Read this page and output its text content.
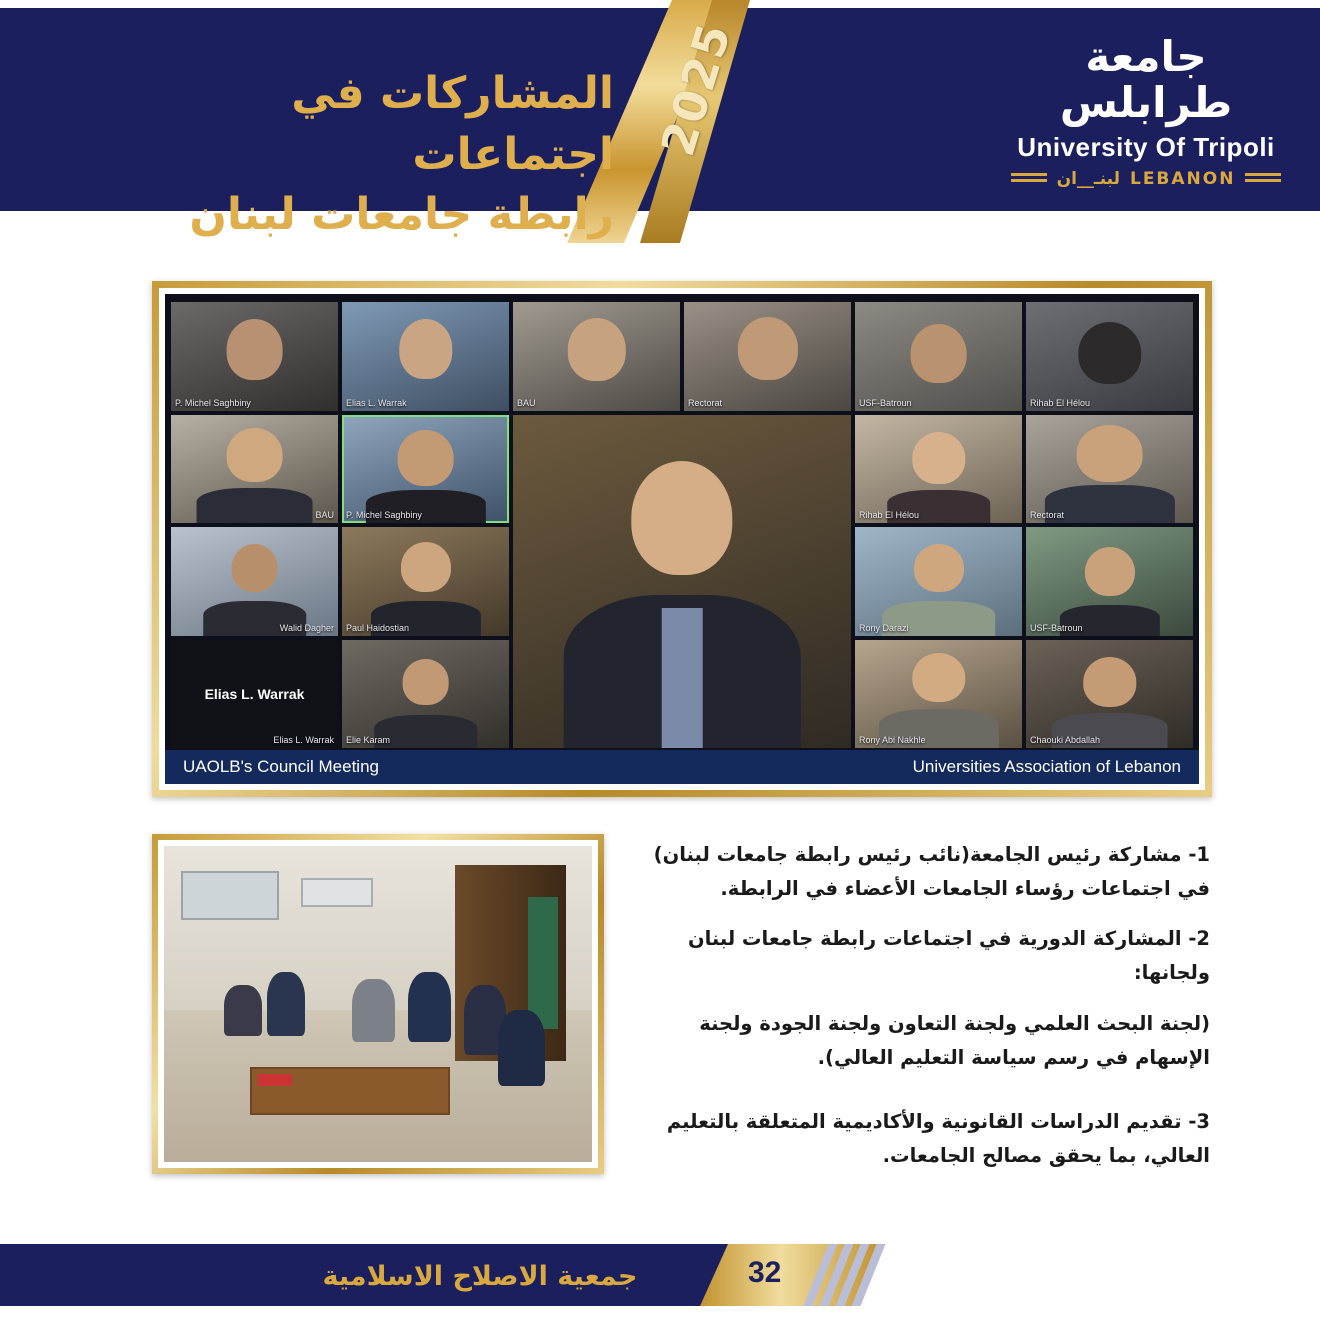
2025
المشاركات في اجتماعات
رابطة جامعات لبنان
جامعة طرابلس
University Of Tripoli
LEBANON
لبنـ__ان
Rihab El Hélou
USF-Batroun
Rectorat
BAU
Elias L. Warrak
P. Michel Saghbiny
Rectorat
Rihab El Hélou
P. Michel Saghbiny
BAU
USF-Batroun
Rony Darazi
Paul Haidostian
Walid Dagher
Chaouki Abdallah
Rony Abi Nakhle
Elie Karam
Elias L. Warrak
Elias L. Warrak
UAOLB's Council Meeting	Universities Association of Lebanon

1- مشاركة رئيس الجامعة(نائب رئيس رابطة جامعات لبنان) في اجتماعات رؤساء الجامعات الأعضاء في الرابطة.

2- المشاركة الدورية في اجتماعات رابطة جامعات لبنان ولجانها:

(لجنة البحث العلمي ولجنة التعاون ولجنة الجودة ولجنة الإسهام في رسم سياسة التعليم العالي).

3- تقديم الدراسات القانونية والأكاديمية المتعلقة بالتعليم العالي، بما يحقق مصالح الجامعات.

جمعية الاصلاح الاسلامية	32
